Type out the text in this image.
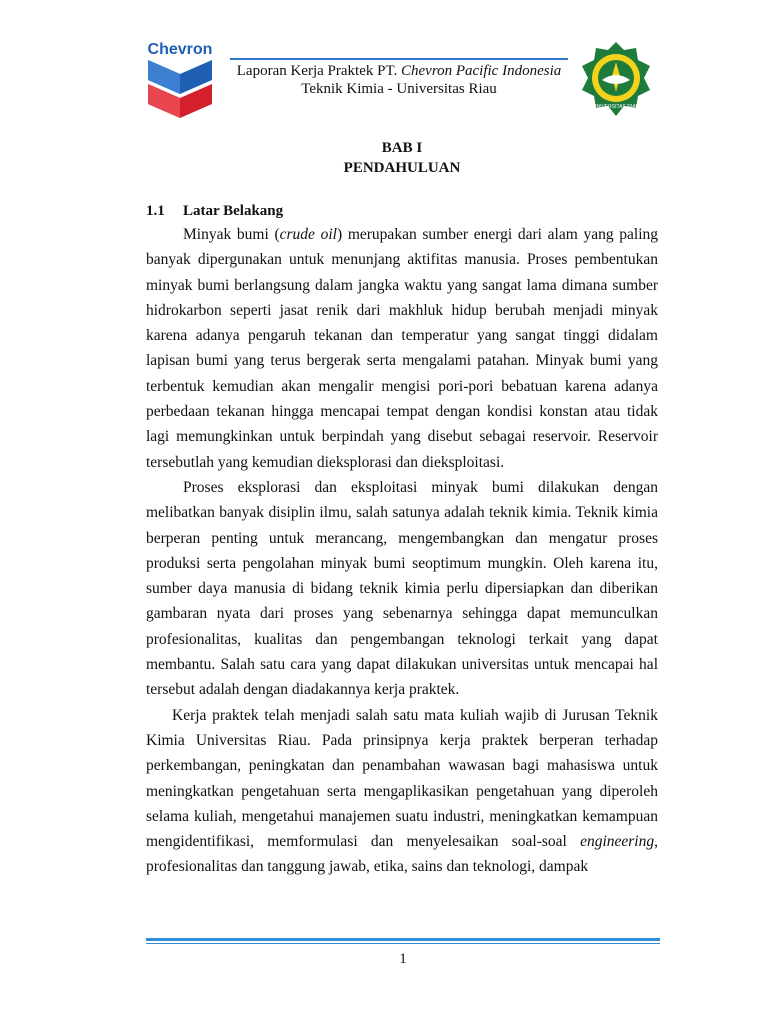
Chevron
Laporan Kerja Praktek PT. Chevron Pacific Indonesia
Teknik Kimia - Universitas Riau
UNIVERSITAS RIAU
BAB I
PENDAHULUAN
1.1 Latar Belakang

Minyak bumi (crude oil) merupakan sumber energi dari alam yang paling banyak dipergunakan untuk menunjang aktifitas manusia. Proses pembentukan minyak bumi berlangsung dalam jangka waktu yang sangat lama dimana sumber hidrokarbon seperti jasat renik dari makhluk hidup berubah menjadi minyak karena adanya pengaruh tekanan dan temperatur yang sangat tinggi didalam lapisan bumi yang terus bergerak serta mengalami patahan. Minyak bumi yang terbentuk kemudian akan mengalir mengisi pori-pori bebatuan karena adanya perbedaan tekanan hingga mencapai tempat dengan kondisi konstan atau tidak lagi memungkinkan untuk berpindah yang disebut sebagai reservoir. Reservoir tersebutlah yang kemudian dieksplorasi dan dieksploitasi.

Proses eksplorasi dan eksploitasi minyak bumi dilakukan dengan melibatkan banyak disiplin ilmu, salah satunya adalah teknik kimia. Teknik kimia berperan penting untuk merancang, mengembangkan dan mengatur proses produksi serta pengolahan minyak bumi seoptimum mungkin. Oleh karena itu, sumber daya manusia di bidang teknik kimia perlu dipersiapkan dan diberikan gambaran nyata dari proses yang sebenarnya sehingga dapat memunculkan profesionalitas, kualitas dan pengembangan teknologi terkait yang dapat membantu. Salah satu cara yang dapat dilakukan universitas untuk mencapai hal tersebut adalah dengan diadakannya kerja praktek.

Kerja praktek telah menjadi salah satu mata kuliah wajib di Jurusan Teknik Kimia Universitas Riau. Pada prinsipnya kerja praktek berperan terhadap perkembangan, peningkatan dan penambahan wawasan bagi mahasiswa untuk meningkatkan pengetahuan serta mengaplikasikan pengetahuan yang diperoleh selama kuliah, mengetahui manajemen suatu industri, meningkatkan kemampuan mengidentifikasi, memformulasi dan menyelesaikan soal-soal engineering, profesionalitas dan tanggung jawab, etika, sains dan teknologi, dampak

1
